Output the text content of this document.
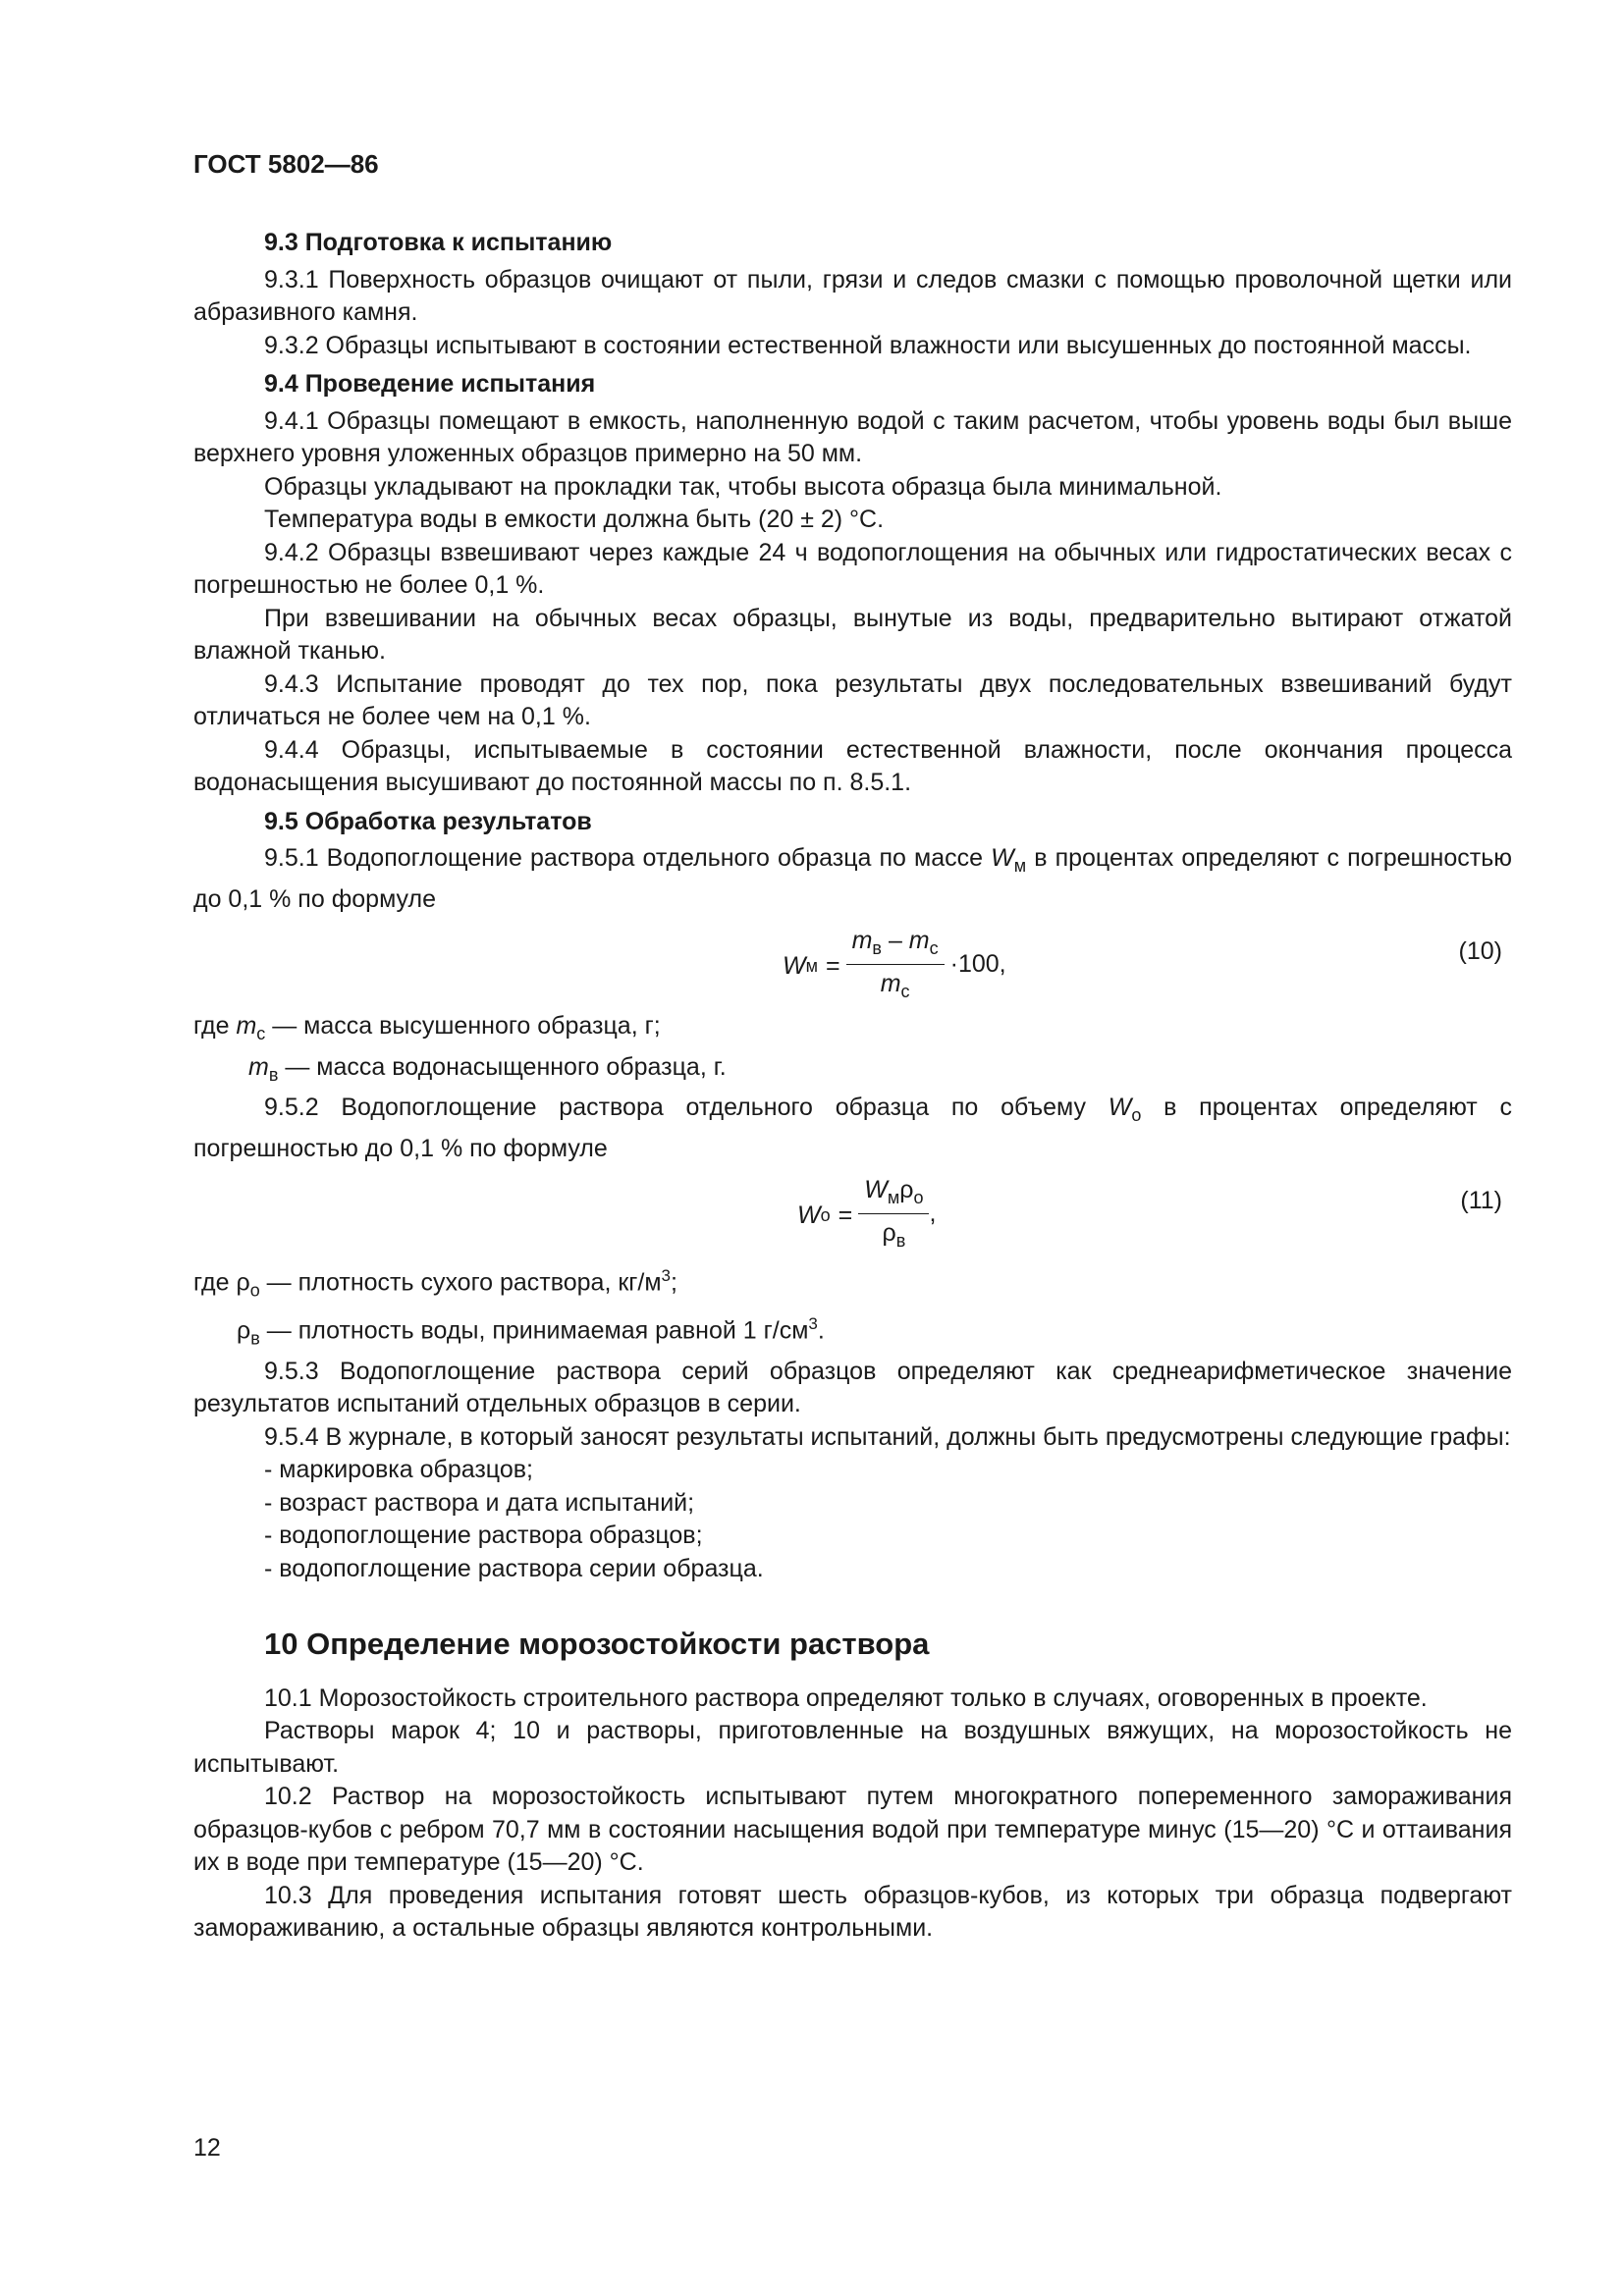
ГОСТ 5802—86
9.3 Подготовка к испытанию

9.3.1 Поверхность образцов очищают от пыли, грязи и следов смазки с помощью проволочной щетки или абразивного камня.

9.3.2 Образцы испытывают в состоянии естественной влажности или высушенных до постоянной массы.

9.4 Проведение испытания

9.4.1 Образцы помещают в емкость, наполненную водой с таким расчетом, чтобы уровень воды был выше верхнего уровня уложенных образцов примерно на 50 мм.

Образцы укладывают на прокладки так, чтобы высота образца была минимальной.

Температура воды в емкости должна быть (20 ± 2) °С.

9.4.2 Образцы взвешивают через каждые 24 ч водопоглощения на обычных или гидростатических весах с погрешностью не более 0,1 %.

При взвешивании на обычных весах образцы, вынутые из воды, предварительно вытирают отжатой влажной тканью.

9.4.3 Испытание проводят до тех пор, пока результаты двух последовательных взвешиваний будут отличаться не более чем на 0,1 %.

9.4.4 Образцы, испытываемые в состоянии естественной влажности, после окончания процесса водонасыщения высушивают до постоянной массы по п. 8.5.1.

9.5 Обработка результатов

9.5.1 Водопоглощение раствора отдельного образца по массе $W_м$ в процентах определяют с погрешностью до 0,1 % по формуле

W $м = \frac{m_в - m_с}{m_с} \cdot 100$,	(10)

где $m_с$ — масса высушенного образца, г;

$m_в$ — масса водонасыщенного образца, г.

9.5.2 Водопоглощение раствора отдельного образца по объему $W_о$ в процентах определяют с погрешностью до 0,1 % по формуле

W $о = \frac{W_м\rho_о}{\rho_в}$ ,	(11)

где $\rho_о$ — плотность сухого раствора, $кг/м^3$;

$\rho_в$ — плотность воды, принимаемая равной 1 $г/см^3$.

9.5.3 Водопоглощение раствора серий образцов определяют как среднеарифметическое значение результатов испытаний отдельных образцов в серии.

9.5.4 В журнале, в который заносят результаты испытаний, должны быть предусмотрены следующие графы:

- маркировка образцов;
- возраст раствора и дата испытаний;
- водопоглощение раствора образцов;
- водопоглощение раствора серии образца.
10 Определение морозостойкости раствора

10.1 Морозостойкость строительного раствора определяют только в случаях, оговоренных в проекте.

Растворы марок 4; 10 и растворы, приготовленные на воздушных вяжущих, на морозостойкость не испытывают.

10.2 Раствор на морозостойкость испытывают путем многократного попеременного замораживания образцов-кубов с ребром 70,7 мм в состоянии насыщения водой при температуре минус (15—20) °С и оттаивания их в воде при температуре (15—20) °С.

10.3 Для проведения испытания готовят шесть образцов-кубов, из которых три образца подвергают замораживанию, а остальные образцы являются контрольными.

12
